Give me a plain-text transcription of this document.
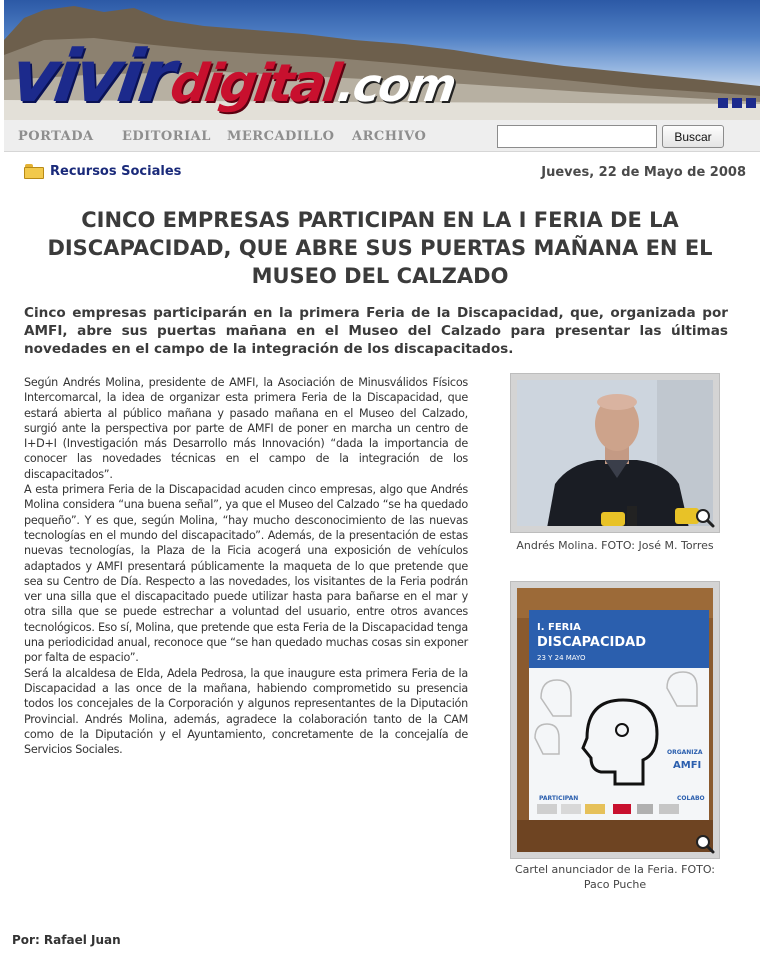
vivirdigital.com
PORTADA EDITORIAL MERCADILLO ARCHIVO	Buscar
Recursos Sociales	Jueves, 22 de Mayo de 2008
CINCO EMPRESAS PARTICIPAN EN LA I FERIA DE LA DISCAPACIDAD, QUE ABRE SUS PUERTAS MAÑANA EN EL MUSEO DEL CALZADO
Cinco empresas participarán en la primera Feria de la Discapacidad, que, organizada por AMFI, abre sus puertas mañana en el Museo del Calzado para presentar las últimas novedades en el campo de la integración de los discapacitados.

Según Andrés Molina, presidente de AMFI, la Asociación de Minusválidos Físicos Intercomarcal, la idea de organizar esta primera Feria de la Discapacidad, que estará abierta al público mañana y pasado mañana en el Museo del Calzado, surgió ante la perspectiva por parte de AMFI de poner en marcha un centro de I+D+I (Investigación más Desarrollo más Innovación) “dada la importancia de conocer las novedades técnicas en el campo de la integración de los discapacitados”.

A esta primera Feria de la Discapacidad acuden cinco empresas, algo que Andrés Molina considera “una buena señal”, ya que el Museo del Calzado “se ha quedado pequeño”. Y es que, según Molina, “hay mucho desconocimiento de las nuevas tecnologías en el mundo del discapacitado”. Además, de la presentación de estas nuevas tecnologías, la Plaza de la Ficia acogerá una exposición de vehículos adaptados y AMFI presentará públicamente la maqueta de lo que pretende que sea su Centro de Día. Respecto a las novedades, los visitantes de la Feria podrán ver una silla que el discapacitado puede utilizar hasta para bañarse en el mar y otra silla que se puede estrechar a voluntad del usuario, entre otros avances tecnológicos. Eso sí, Molina, que pretende que esta Feria de la Discapacidad tenga una periodicidad anual, reconoce que “se han quedado muchas cosas sin exponer por falta de espacio”.

Será la alcaldesa de Elda, Adela Pedrosa, la que inaugure esta primera Feria de la Discapacidad a las once de la mañana, habiendo comprometido su presencia todos los concejales de la Corporación y algunos representantes de la Diputación Provincial. Andrés Molina, además, agradece la colaboración tanto de la CAM como de la Diputación y el Ayuntamiento, concretamente de la concejalía de Servicios Sociales.

Andrés Molina. FOTO: José M. Torres
I. FERIA
DISCAPACIDAD
23 Y 24 MAYO
ORGANIZA
AMFI
PARTICIPAN	COLABO
Cartel anunciador de la Feria. FOTO: Paco Puche
Por: Rafael Juan
